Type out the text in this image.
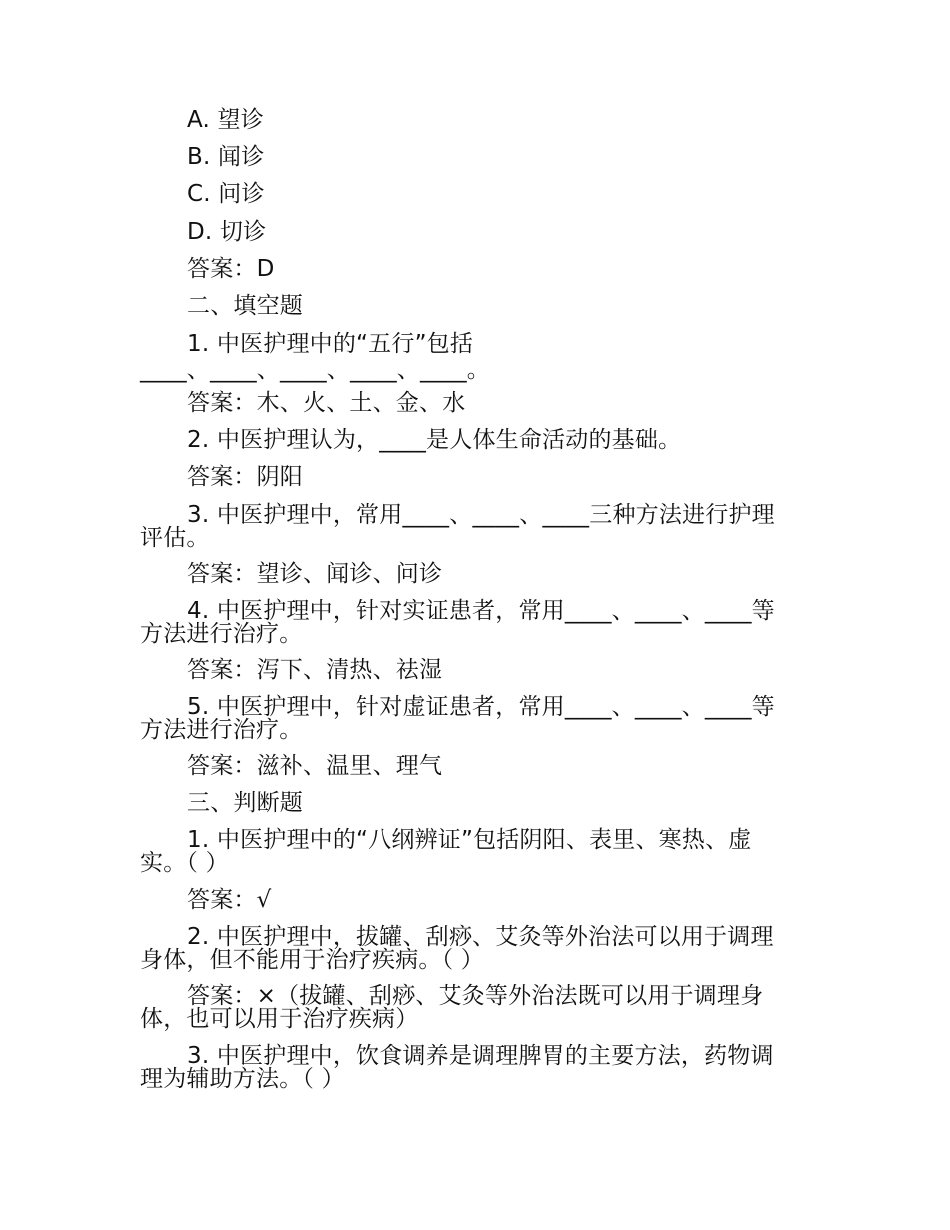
A. 望诊
B. 闻诊
C. 问诊
D. 切诊
答案：D
二、填空题
1. 中医护理中的“五行”包括
____、____、____、____、____。
答案：木、火、土、金、水
2. 中医护理认为，____是人体生命活动的基础。
答案：阴阳
3. 中医护理中，常用____、____、____三种方法进行护理
评估。
答案：望诊、闻诊、问诊
4. 中医护理中，针对实证患者，常用____、____、____等
方法进行治疗。
答案：泻下、清热、祛湿
5. 中医护理中，针对虚证患者，常用____、____、____等
方法进行治疗。
答案：滋补、温里、理气
三、判断题
1. 中医护理中的“八纲辨证”包括阴阳、表里、寒热、虚
实。（ ）
答案：√
2. 中医护理中，拔罐、刮痧、艾灸等外治法可以用于调理
身体，但不能用于治疗疾病。（ ）
答案：×（拔罐、刮痧、艾灸等外治法既可以用于调理身
体，也可以用于治疗疾病）
3. 中医护理中，饮食调养是调理脾胃的主要方法，药物调
理为辅助方法。（ ）
